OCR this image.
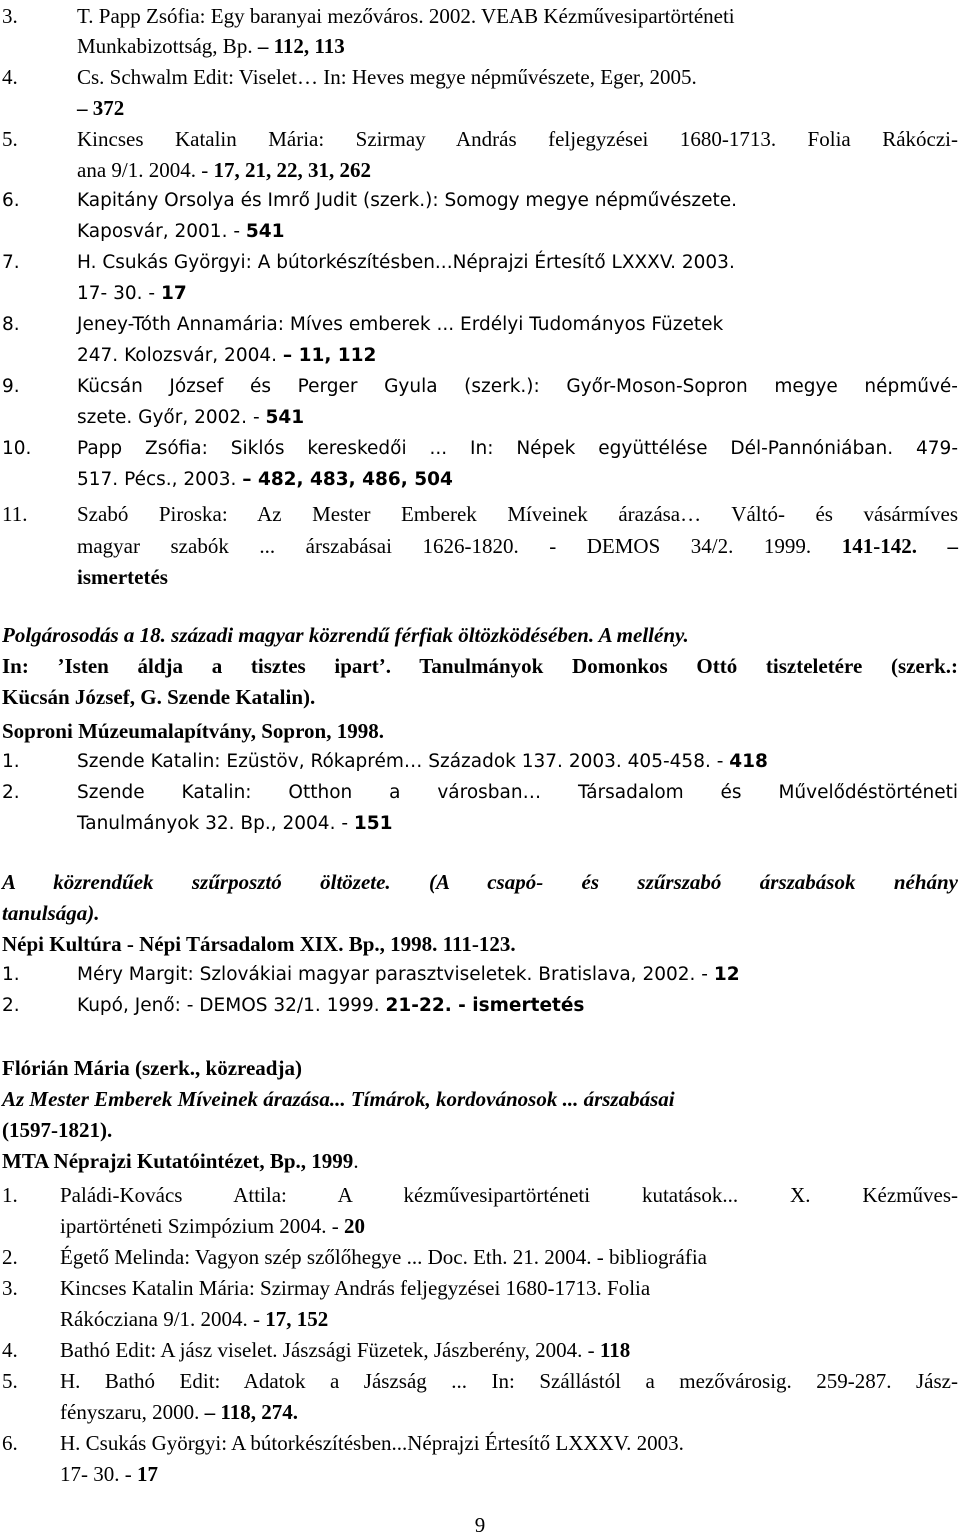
3.	T. Papp Zsófia: Egy baranyai mezőváros. 2002. VEAB Kézművesipartörténeti
Munkabizottság, Bp. – 112, 113
4.	Cs. Schwalm Edit: Viselet… In: Heves megye népművészete, Eger, 2005.
– 372
5.	Kincses Katalin Mária: Szirmay András feljegyzései 1680-1713. Folia Rákóczi-
ana 9/1. 2004. - 17, 21, 22, 31, 262
6.	Kapitány Orsolya és Imrő Judit (szerk.): Somogy megye népművészete.
Kaposvár, 2001. - 541
7.	H. Csukás Györgyi: A bútorkészítésben...Néprajzi Értesítő LXXXV. 2003.
17- 30. - 17
8.	Jeney-Tóth Annamária: Míves emberek ... Erdélyi Tudományos Füzetek
247. Kolozsvár, 2004. – 11, 112
9.	Kücsán József és Perger Gyula (szerk.): Győr-Moson-Sopron megye népművé-
szete. Győr, 2002. - 541
10. Papp Zsófia: Siklós kereskedői ... In: Népek együttélése Dél-Pannóniában. 479-
517. Pécs., 2003. – 482, 483, 486, 504
11. Szabó Piroska: Az Mester Emberek Míveinek árazása… Váltó- és vásármíves
magyar szabók ... árszabásai 1626-1820. - DEMOS 34/2. 1999. 141-142. –
ismertetés
Polgárosodás a 18. századi magyar közrendű férfiak öltözködésében. A mellény.
In: ’Isten áldja a tisztes ipart’. Tanulmányok Domonkos Ottó tiszteletére (szerk.:
Kücsán József, G. Szende Katalin).
Soproni Múzeumalapítvány, Sopron, 1998.
1.	Szende Katalin: Ezüstöv, Rókaprém… Századok 137. 2003. 405-458. - 418
2.	Szende Katalin: Otthon a városban… Társadalom és Művelődéstörténeti
Tanulmányok 32. Bp., 2004. - 151
A közrendűek szűrposztó öltözete. (A csapó- és szűrszabó árszabások néhány
tanulsága).
Népi Kultúra - Népi Társadalom XIX. Bp., 1998. 111-123.
1.	Méry Margit: Szlovákiai magyar parasztviseletek. Bratislava, 2002. - 12
2.	Kupó, Jenő: - DEMOS 32/1. 1999. 21-22. - ismertetés
Flórián Mária (szerk., közreadja)
Az Mester Emberek Míveinek árazása... Tímárok, kordovánosok ... árszabásai
(1597-1821).
MTA Néprajzi Kutatóintézet, Bp., 1999.
1. Paládi-Kovács Attila: A kézművesipartörténeti kutatások... X. Kézműves-
ipartörténeti Szimpózium 2004. - 20
2. Égető Melinda: Vagyon szép szőlőhegye ... Doc. Eth. 21. 2004. - bibliográfia
3. Kincses Katalin Mária: Szirmay András feljegyzései 1680-1713. Folia
Rákócziana 9/1. 2004. - 17, 152
4. Bathó Edit: A jász viselet. Jászsági Füzetek, Jászberény, 2004. - 118
5. H. Bathó Edit: Adatok a Jászság ... In: Szállástól a mezővárosig. 259-287. Jász-
fényszaru, 2000. – 118, 274.
6. H. Csukás Györgyi: A bútorkészítésben...Néprajzi Értesítő LXXXV. 2003.
17- 30. - 17
9
